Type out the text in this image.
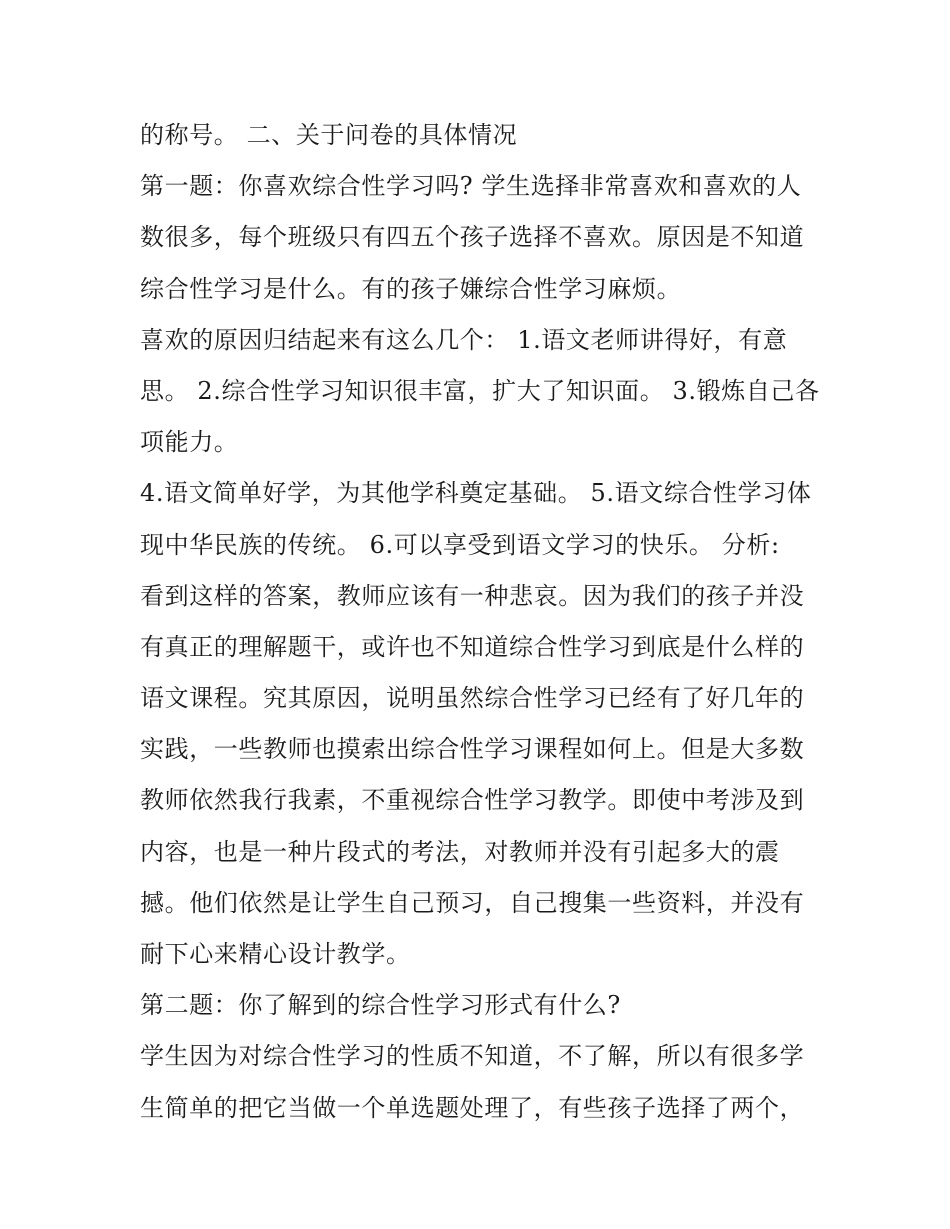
的称号。 二、关于问卷的具体情况
第一题：你喜欢综合性学习吗? 学生选择非常喜欢和喜欢的人
数很多，每个班级只有四五个孩子选择不喜欢。原因是不知道
综合性学习是什么。有的孩子嫌综合性学习麻烦。
喜欢的原因归结起来有这么几个： 1.语文老师讲得好，有意
思。 2.综合性学习知识很丰富，扩大了知识面。 3.锻炼自己各
项能力。
4.语文简单好学，为其他学科奠定基础。 5.语文综合性学习体
现中华民族的传统。 6.可以享受到语文学习的快乐。 分析:
看到这样的答案，教师应该有一种悲哀。因为我们的孩子并没
有真正的理解题干，或许也不知道综合性学习到底是什么样的
语文课程。究其原因，说明虽然综合性学习已经有了好几年的
实践，一些教师也摸索出综合性学习课程如何上。但是大多数
教师依然我行我素，不重视综合性学习教学。即使中考涉及到
内容，也是一种片段式的考法，对教师并没有引起多大的震
撼。他们依然是让学生自己预习，自己搜集一些资料，并没有
耐下心来精心设计教学。
第二题：你了解到的综合性学习形式有什么?
学生因为对综合性学习的性质不知道，不了解，所以有很多学
生简单的把它当做一个单选题处理了，有些孩子选择了两个，
